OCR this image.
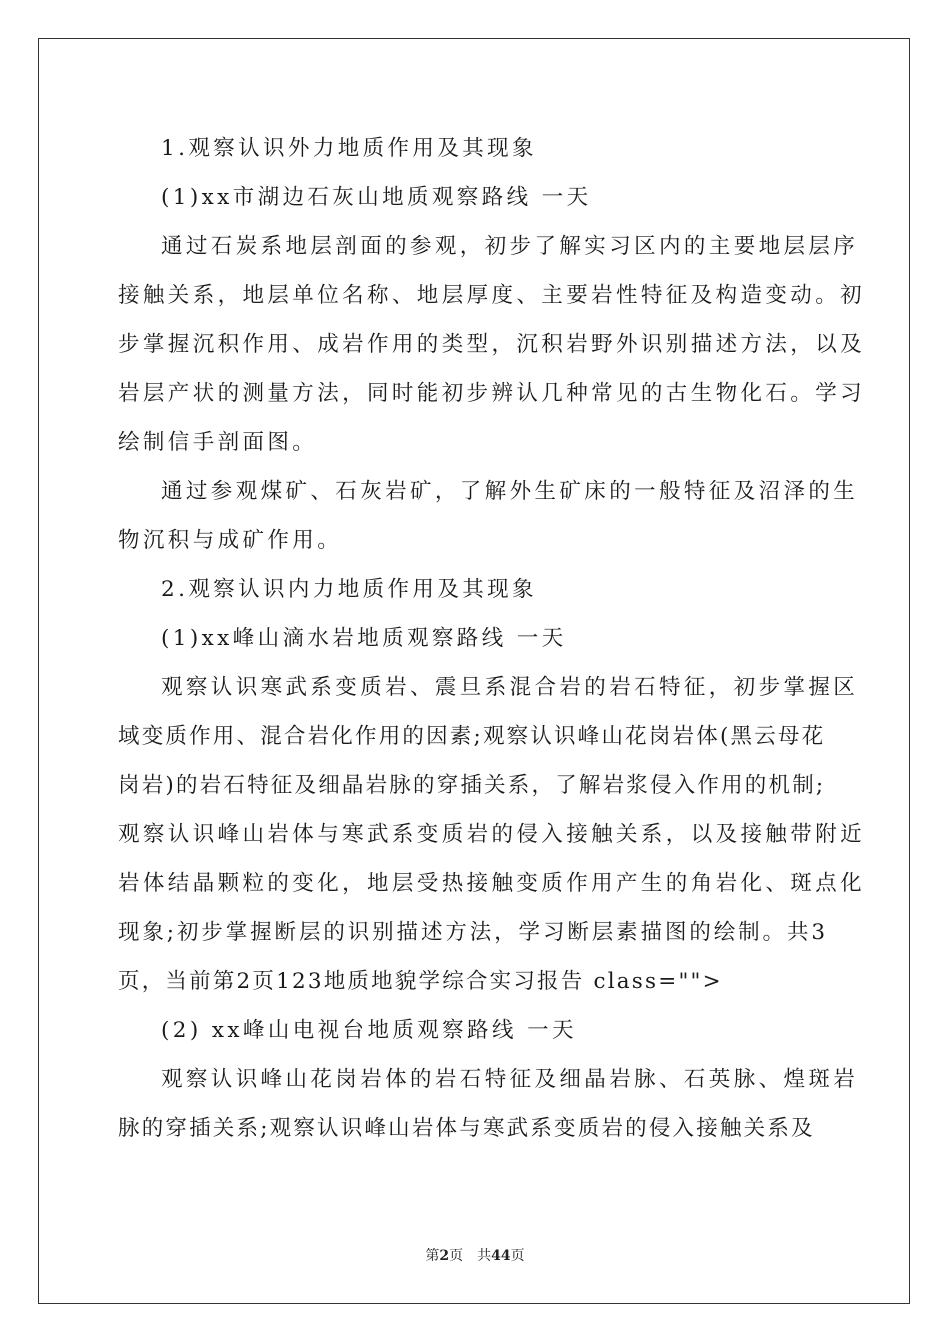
1.观察认识外力地质作用及其现象
(1)xx市湖边石灰山地质观察路线 一天
通过石炭系地层剖面的参观，初步了解实习区内的主要地层层序
接触关系，地层单位名称、地层厚度、主要岩性特征及构造变动。初
步掌握沉积作用、成岩作用的类型，沉积岩野外识别描述方法，以及
岩层产状的测量方法，同时能初步辨认几种常见的古生物化石。学习
绘制信手剖面图。
通过参观煤矿、石灰岩矿，了解外生矿床的一般特征及沼泽的生
物沉积与成矿作用。
2.观察认识内力地质作用及其现象
(1)xx峰山滴水岩地质观察路线 一天
观察认识寒武系变质岩、震旦系混合岩的岩石特征，初步掌握区
域变质作用、混合岩化作用的因素;观察认识峰山花岗岩体(黑云母花
岗岩)的岩石特征及细晶岩脉的穿插关系，了解岩浆侵入作用的机制;
观察认识峰山岩体与寒武系变质岩的侵入接触关系，以及接触带附近
岩体结晶颗粒的变化，地层受热接触变质作用产生的角岩化、斑点化
现象;初步掌握断层的识别描述方法，学习断层素描图的绘制。共3
页，当前第2页123地质地貌学综合实习报告 class="">
(2) xx峰山电视台地质观察路线 一天
观察认识峰山花岗岩体的岩石特征及细晶岩脉、石英脉、煌斑岩
脉的穿插关系;观察认识峰山岩体与寒武系变质岩的侵入接触关系及
第2页 共44页
